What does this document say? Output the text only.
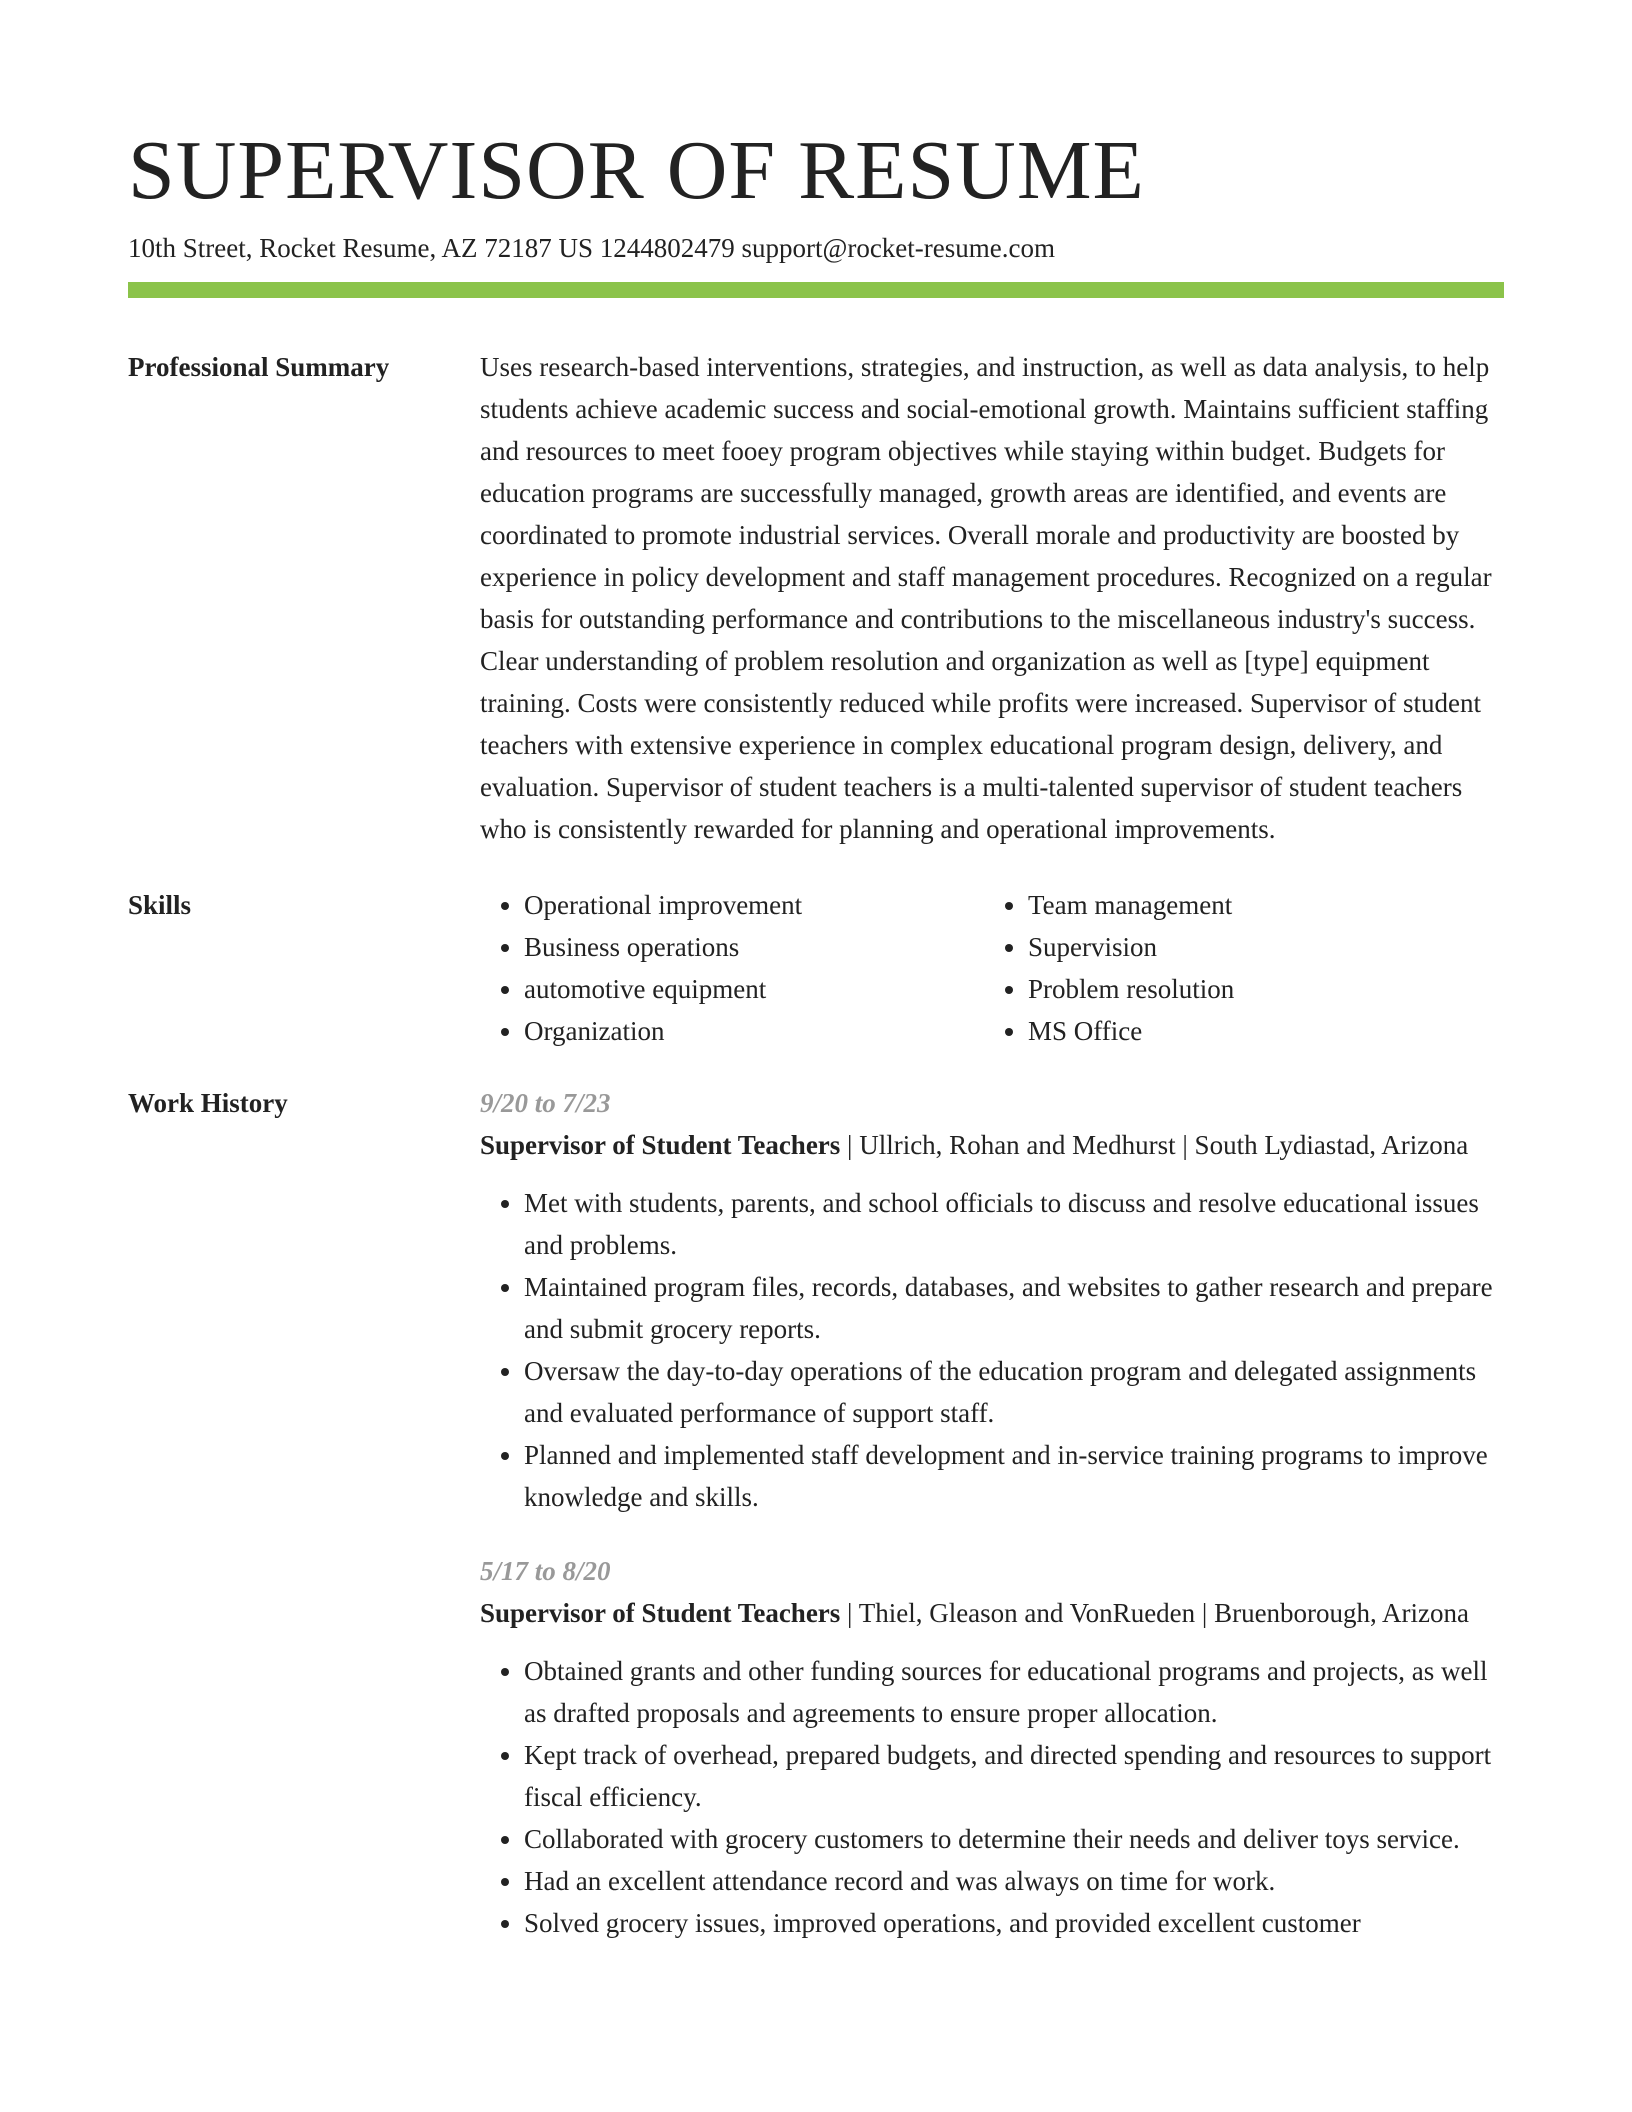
SUPERVISOR OF RESUME
10th Street, Rocket Resume, AZ 72187 US 1244802479 support@rocket-resume.com
Professional Summary	Uses research-based interventions, strategies, and instruction, as well as data analysis, to help students achieve academic success and social-emotional growth. Maintains sufficient staffing and resources to meet fooey program objectives while staying within budget. Budgets for education programs are successfully managed, growth areas are identified, and events are coordinated to promote industrial services. Overall morale and productivity are boosted by experience in policy development and staff management procedures. Recognized on a regular basis for outstanding performance and contributions to the miscellaneous industry's success. Clear understanding of problem resolution and organization as well as [type] equipment training. Costs were consistently reduced while profits were increased. Supervisor of student teachers with extensive experience in complex educational program design, delivery, and evaluation. Supervisor of student teachers is a multi-talented supervisor of student teachers who is consistently rewarded for planning and operational improvements.

Skills
•	Operational improvement
• Business operations
• automotive equipment
• Organization
• Team management
• Supervision
• Problem resolution
• MS Office
Work History	9/20 to 7/23
Supervisor of Student Teachers | Ullrich, Rohan and Medhurst | South Lydiastad, Arizona
• Met with students, parents, and school officials to discuss and resolve educational issues and problems.
• Maintained program files, records, databases, and websites to gather research and prepare and submit grocery reports.
• Oversaw the day-to-day operations of the education program and delegated assignments and evaluated performance of support staff.
• Planned and implemented staff development and in-service training programs to improve knowledge and skills.
5/17 to 8/20
Supervisor of Student Teachers | Thiel, Gleason and VonRueden | Bruenborough, Arizona
• Obtained grants and other funding sources for educational programs and projects, as well as drafted proposals and agreements to ensure proper allocation.
• Kept track of overhead, prepared budgets, and directed spending and resources to support fiscal efficiency.
• Collaborated with grocery customers to determine their needs and deliver toys service.
• Had an excellent attendance record and was always on time for work.
• Solved grocery issues, improved operations, and provided excellent customer
